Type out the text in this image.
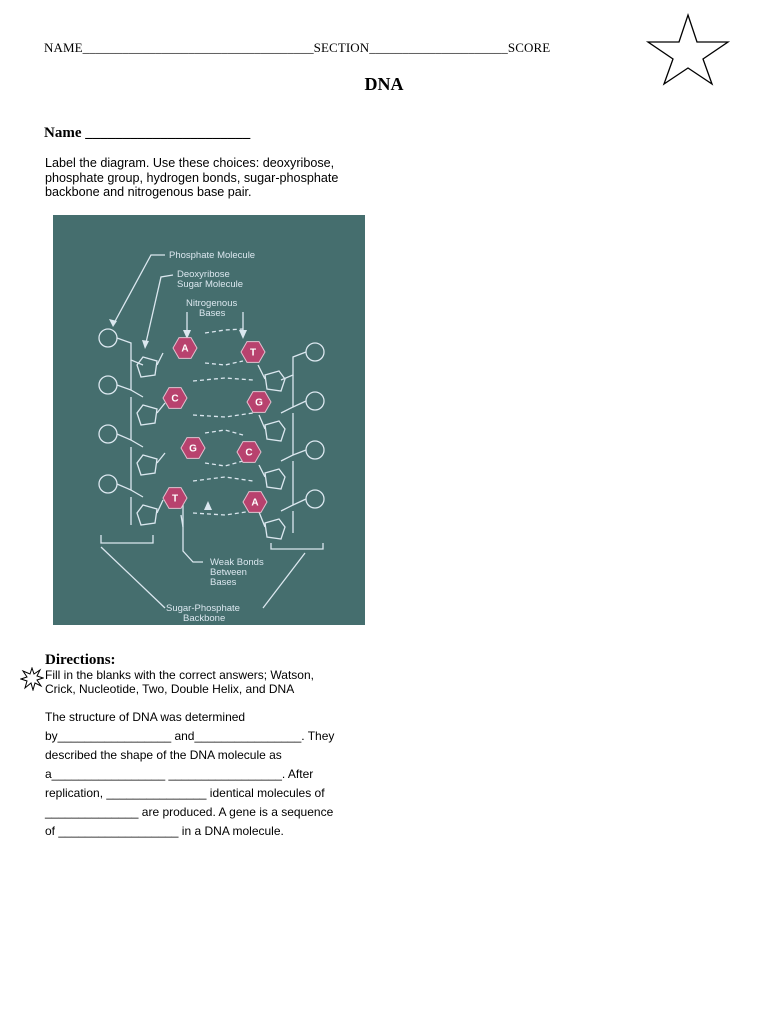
NAME___________________________________SECTION_____________________SCORE
DNA
Name ______________________
Label the diagram. Use these choices: deoxyribose, phosphate group, hydrogen bonds, sugar-phosphate backbone and nitrogenous base pair.
A	T
C	G
G	C
T	A
Phosphate Molecule
Deoxyribose
Sugar Molecule
Nitrogenous
Bases
Weak Bonds
Between
Bases
Sugar-Phosphate
Backbone
Directions:
Fill in the blanks with the correct answers; Watson, Crick, Nucleotide, Two, Double Helix, and DNA
The structure of DNA was determined
by_________________ and________________. They
described the shape of the DNA molecule as
a_________________ _________________. After
replication, _______________ identical molecules of
______________ are produced. A gene is a sequence
of __________________ in a DNA molecule.
